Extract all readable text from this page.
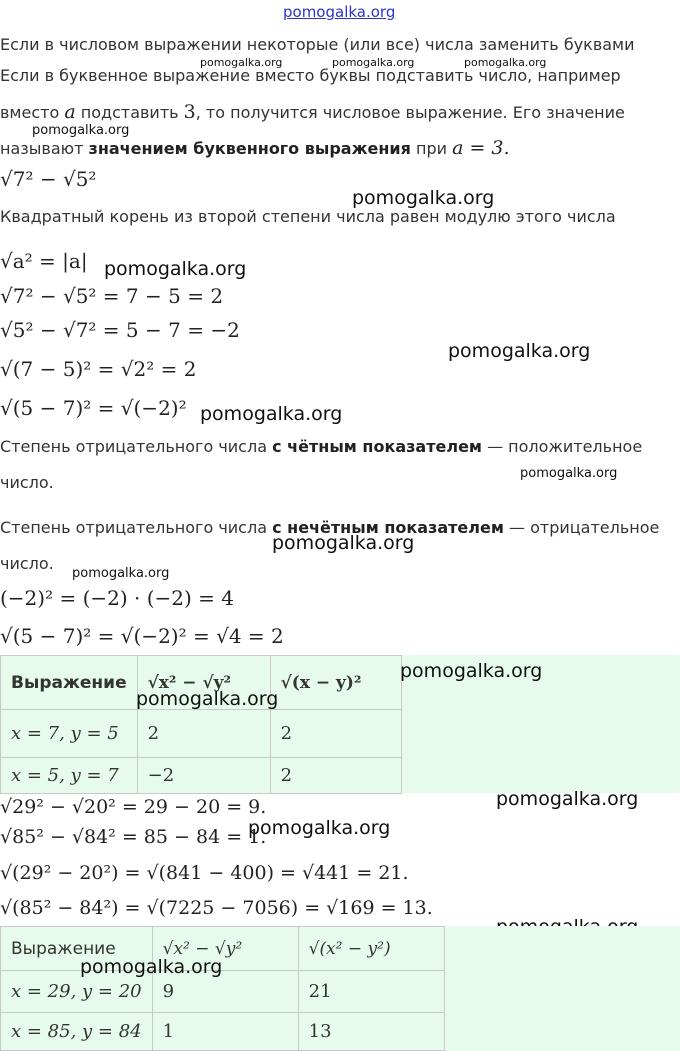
pomogalka.org
Если в числовом выражении некоторые (или все) числа заменить буквами
pomogalka.org	pomogalka.org	pomogalka.org
Если в буквенное выражение вместо буквы подставить число, например
вместо a подставить 3, то получится числовое выражение. Его значение
pomogalka.org
называют значением буквенного выражения при a = 3.
√7² − √5²
pomogalka.org
Квадратный корень из второй степени числа равен модулю этого числа
√a² = |a| pomogalka.org
√7² − √5² = 7 − 5 = 2
√5² − √7² = 5 − 7 = −2
pomogalka.org
√(7 − 5)² = √2² = 2
√(5 − 7)² = √(−2)² pomogalka.org
Степень отрицательного числа с чётным показателем — положительное
pomogalka.org
число.
Степень отрицательного числа с нечётным показателем — отрицательное
pomogalka.org
число.
pomogalka.org
(−2)² = (−2) · (−2) = 4
√(5 − 7)² = √(−2)² = √4 = 2
Выражение	√x² − √y²	√(x − y)²
x = 7, y = 5	2	2
x = 5, y = 7	−2	2
pomogalka.org
pomogalka.org
√29² − √20² = 29 − 20 = 9.	pomogalka.org
√85² − √84² = 85 − 84 = 1.
pomogalka.org
√(29² − 20²) = √(841 − 400) = √441 = 21.
√(85² − 84²) = √(7225 − 7056) = √169 = 13.
Выражение	√x² − √y²	√(x² − y²)
x = 29, y = 20	9	21
x = 85, y = 84	1	13
pomogalka.org
